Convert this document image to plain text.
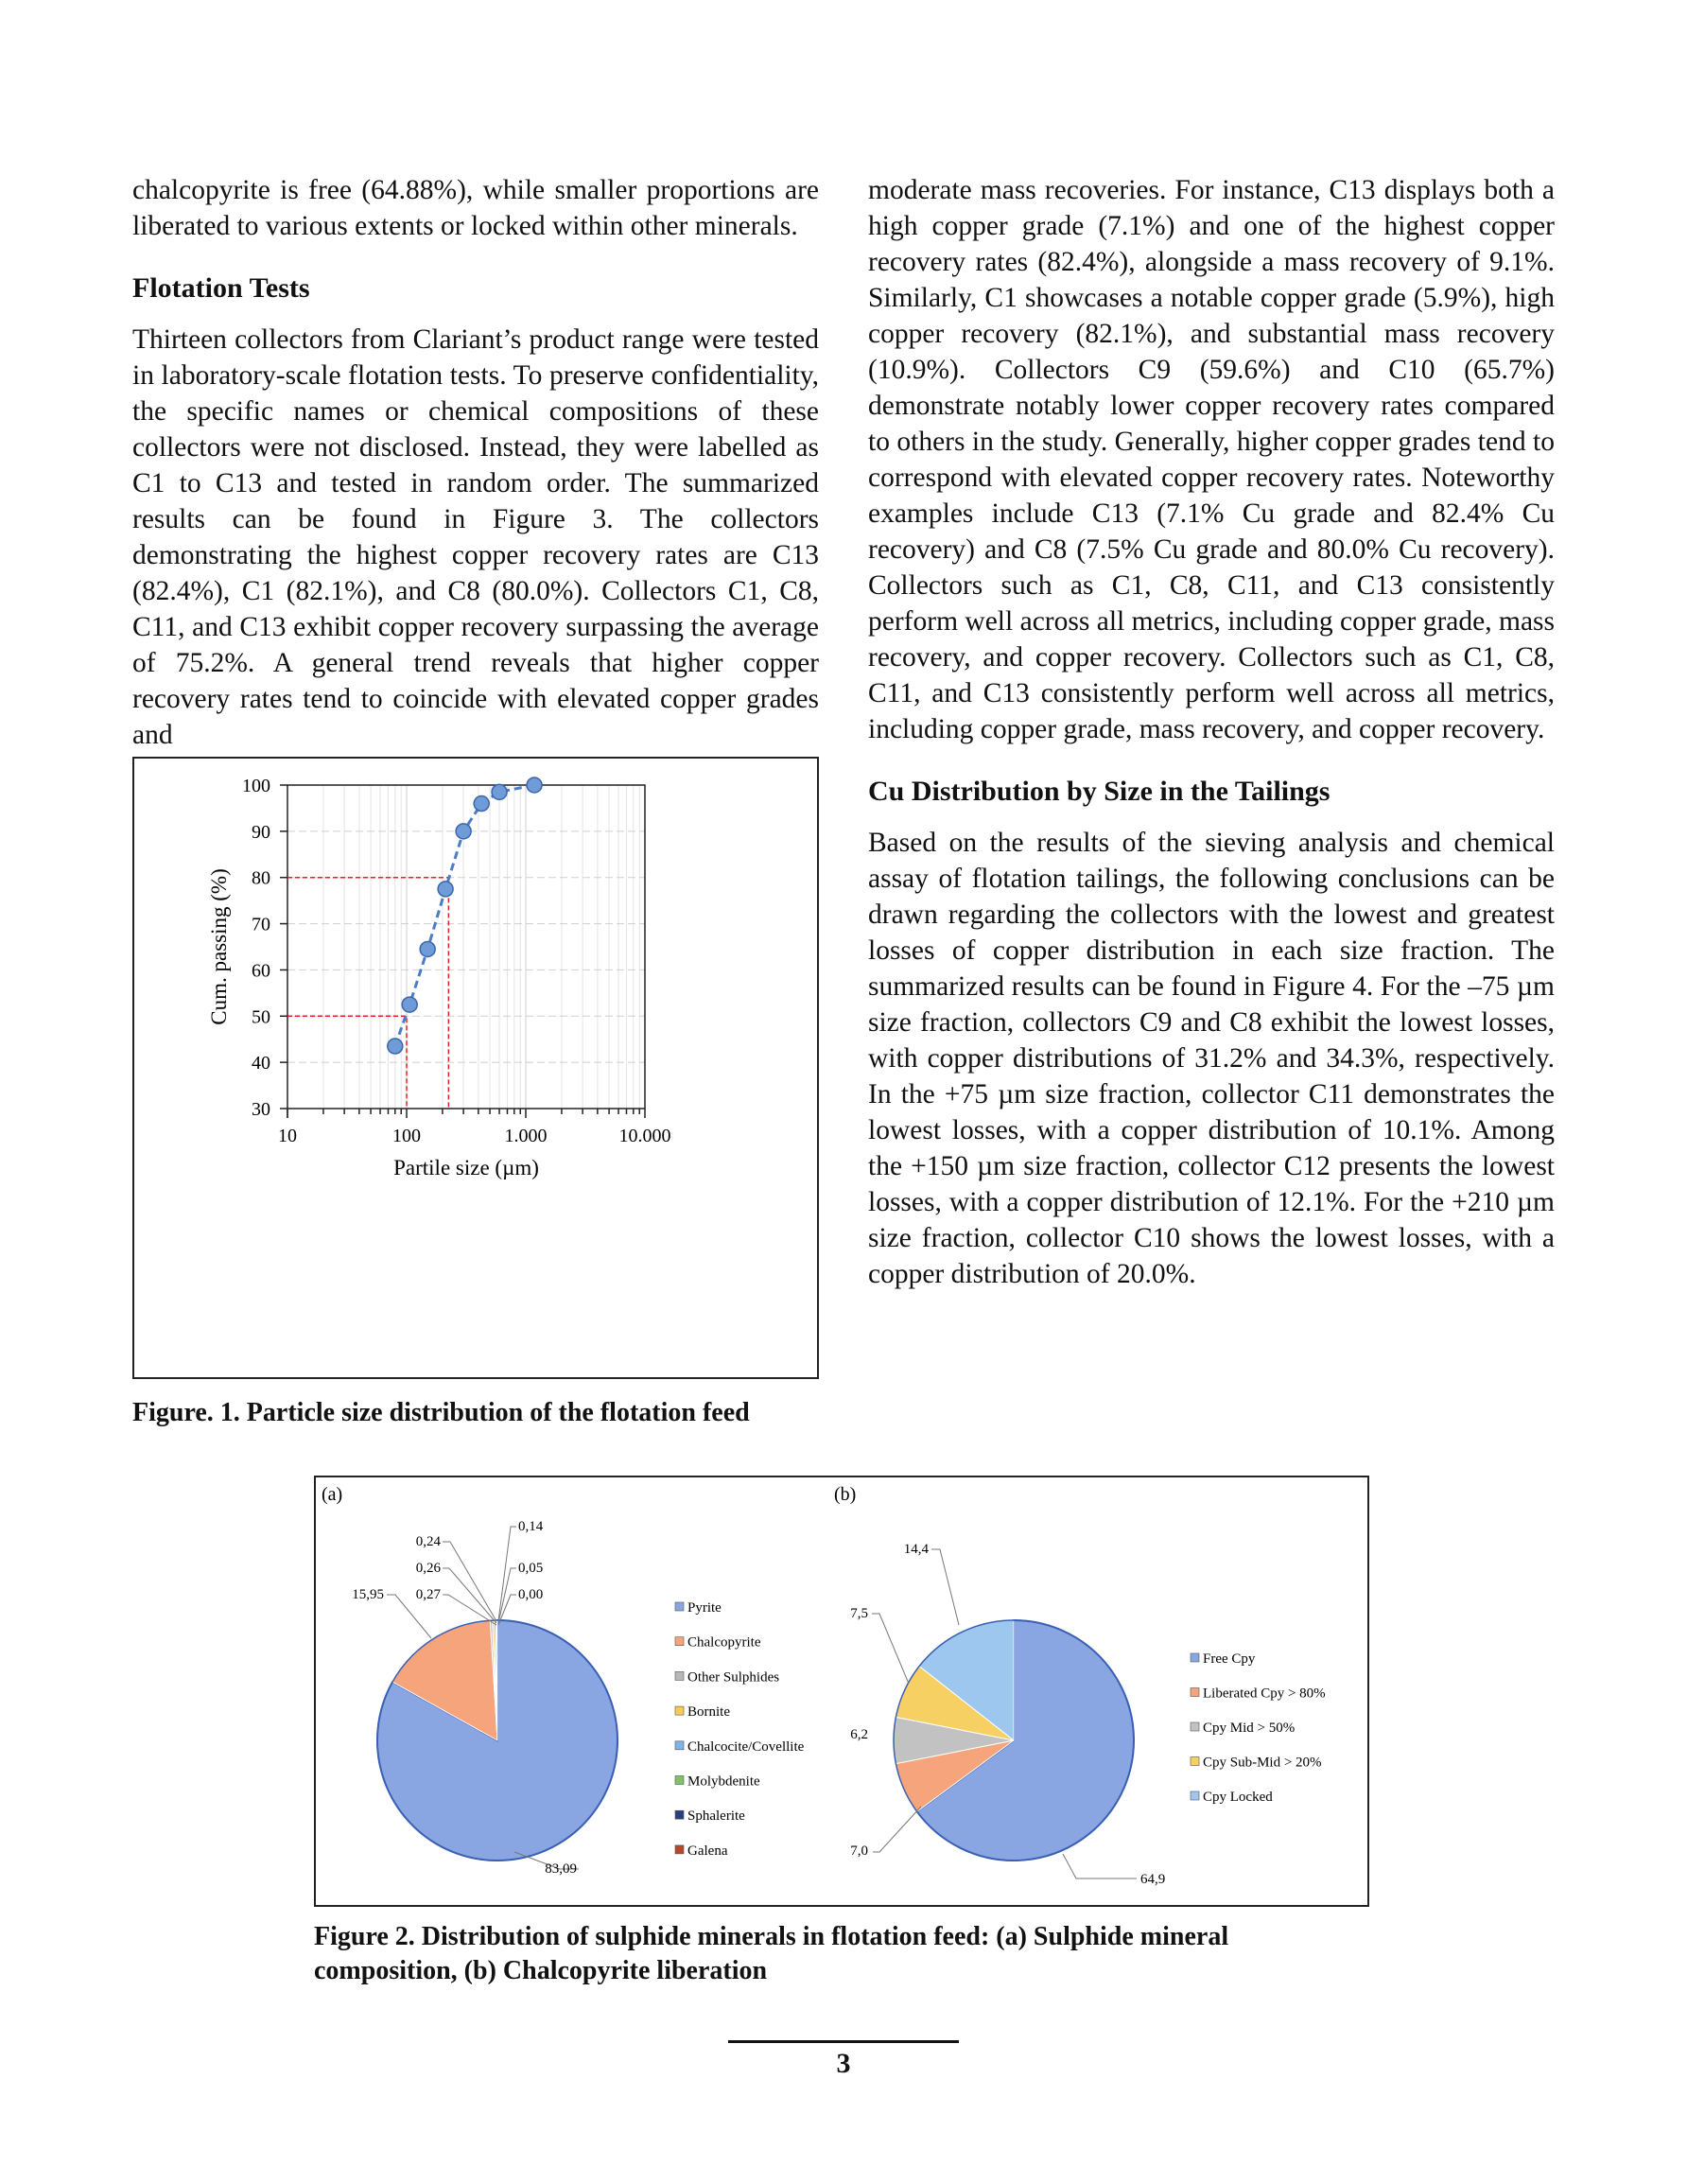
chalcopyrite is free (64.88%), while smaller proportions are liberated to various extents or locked within other minerals.

Flotation Tests

Thirteen collectors from Clariant’s product range were tested in laboratory-scale flotation tests. To preserve confidentiality, the specific names or chemical compositions of these collectors were not disclosed. Instead, they were labelled as C1 to C13 and tested in random order. The summarized results can be found in Figure 3. The collectors demonstrating the highest copper recovery rates are C13 (82.4%), C1 (82.1%), and C8 (80.0%). Collectors C1, C8, C11, and C13 exhibit copper recovery surpassing the average of 75.2%. A general trend reveals that higher copper recovery rates tend to coincide with elevated copper grades and

moderate mass recoveries. For instance, C13 displays both a high copper grade (7.1%) and one of the highest copper recovery rates (82.4%), alongside a mass recovery of 9.1%. Similarly, C1 showcases a notable copper grade (5.9%), high copper recovery (82.1%), and substantial mass recovery (10.9%). Collectors C9 (59.6%) and C10 (65.7%) demonstrate notably lower copper recovery rates compared to others in the study. Generally, higher copper grades tend to correspond with elevated copper recovery rates. Noteworthy examples include C13 (7.1% Cu grade and 82.4% Cu recovery) and C8 (7.5% Cu grade and 80.0% Cu recovery). Collectors such as C1, C8, C11, and C13 consistently perform well across all metrics, including copper grade, mass recovery, and copper recovery. Collectors such as C1, C8, C11, and C13 consistently perform well across all metrics, including copper grade, mass recovery, and copper recovery.

Cu Distribution by Size in the Tailings

Based on the results of the sieving analysis and chemical assay of flotation tailings, the following conclusions can be drawn regarding the collectors with the lowest and greatest losses of copper distribution in each size fraction. The summarized results can be found in Figure 4. For the –75 µm size fraction, collectors C9 and C8 exhibit the lowest losses, with copper distributions of 31.2% and 34.3%, respectively. In the +75 µm size fraction, collector C11 demonstrates the lowest losses, with a copper distribution of 10.1%. Among the +150 µm size fraction, collector C12 presents the lowest losses, with a copper distribution of 12.1%. For the +210 µm size fraction, collector C10 shows the lowest losses, with a copper distribution of 20.0%.

30
40
50
60
70
80
90
100
10	100	1.000	10.000
Partile size (µm)
Cum. passing (%)
Figure. 1. Particle size distribution of the flotation feed
(a)
83,09
15,95 0,27
0,26
0,24
0,14
0,05
0,00
Pyrite
Chalcopyrite
Other Sulphides
Bornite
Chalcocite/Covellite
Molybdenite
Sphalerite
Galena
(b)
64,9
7,0
6,2
7,5
14,4
Free Cpy
Liberated Cpy > 80%
Cpy Mid > 50%
Cpy Sub-Mid > 20%
Cpy Locked
Figure 2. Distribution of sulphide minerals in flotation feed: (a) Sulphide mineral composition, (b) Chalcopyrite liberation
3
